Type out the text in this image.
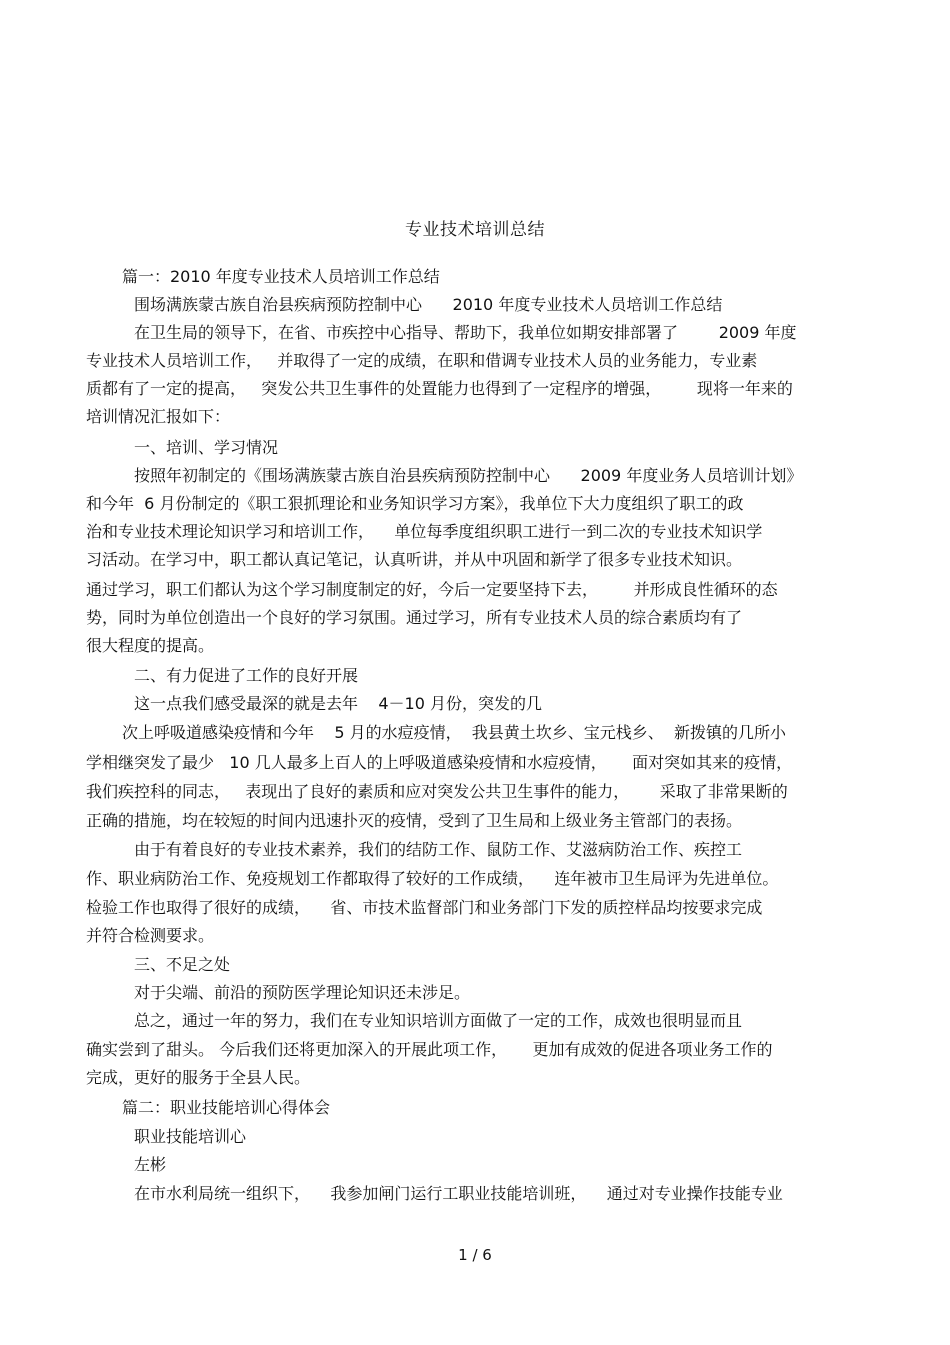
专业技术培训总结
篇一：2010 年度专业技术人员培训工作总结
围场满族蒙古族自治县疾病预防控制中心      2010 年度专业技术人员培训工作总结
在卫生局的领导下，在省、市疾控中心指导、帮助下，我单位如期安排部署了        2009 年度
专业技术人员培训工作，   并取得了一定的成绩，在职和借调专业技术人员的业务能力，专业素
质都有了一定的提高，   突发公共卫生事件的处置能力也得到了一定程序的增强，       现将一年来的
培训情况汇报如下：
一、培训、学习情况
按照年初制定的《围场满族蒙古族自治县疾病预防控制中心      2009 年度业务人员培训计划》
和今年  6 月份制定的《职工狠抓理论和业务知识学习方案》，我单位下大力度组织了职工的政
治和专业技术理论知识学习和培训工作，    单位每季度组织职工进行一到二次的专业技术知识学
习活动。在学习中，职工都认真记笔记，认真听讲，并从中巩固和新学了很多专业技术知识。
通过学习，职工们都认为这个学习制度制定的好，今后一定要坚持下去，       并形成良性循环的态
势，同时为单位创造出一个良好的学习氛围。通过学习，所有专业技术人员的综合素质均有了
很大程度的提高。
二、有力促进了工作的良好开展
这一点我们感受最深的就是去年    4－10 月份，突发的几
次上呼吸道感染疫情和今年    5 月的水痘疫情，  我县黄土坎乡、宝元栈乡、  新拨镇的几所小
学相继突发了最少   10 几人最多上百人的上呼吸道感染疫情和水痘疫情，     面对突如其来的疫情，
我们疾控科的同志，   表现出了良好的素质和应对突发公共卫生事件的能力，      采取了非常果断的
正确的措施，均在较短的时间内迅速扑灭的疫情，受到了卫生局和上级业务主管部门的表扬。
由于有着良好的专业技术素养，我们的结防工作、鼠防工作、艾滋病防治工作、疾控工
作、职业病防治工作、免疫规划工作都取得了较好的工作成绩，    连年被市卫生局评为先进单位。
检验工作也取得了很好的成绩，    省、市技术监督部门和业务部门下发的质控样品均按要求完成
并符合检测要求。
三、不足之处
对于尖端、前沿的预防医学理论知识还未涉足。
总之，通过一年的努力，我们在专业知识培训方面做了一定的工作，成效也很明显而且
确实尝到了甜头。 今后我们还将更加深入的开展此项工作，     更加有成效的促进各项业务工作的
完成，更好的服务于全县人民。
篇二：职业技能培训心得体会
职业技能培训心
左彬
在市水利局统一组织下，    我参加闸门运行工职业技能培训班，    通过对专业操作技能专业
1 / 6
